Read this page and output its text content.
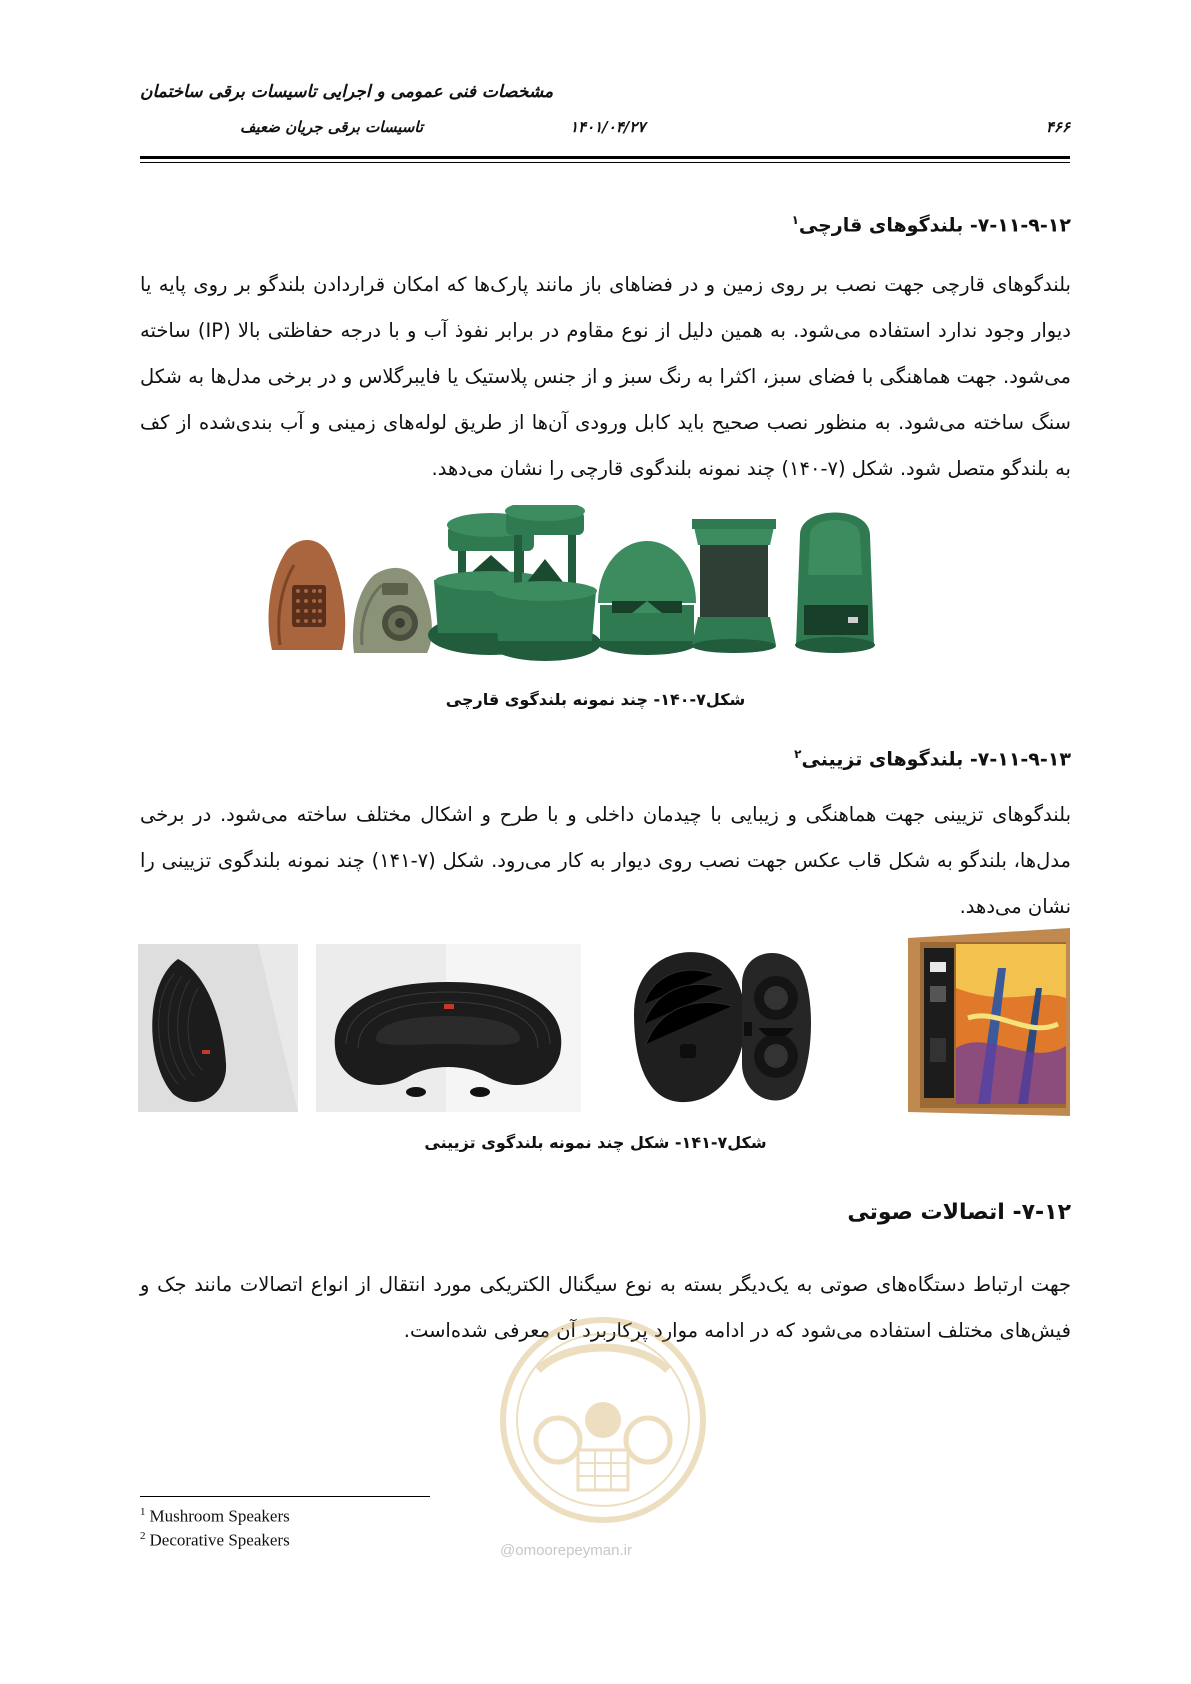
مشخصات فنی عمومی و اجرایی تاسیسات برقی ساختمان
تاسیسات برقی جریان ضعیف	۱۴۰۱/۰۴/۲۷	۴۶۶
۷-۱۱-۹-۱۲- بلندگوهای قارچی$^۱$
بلندگوهای قارچی جهت نصب بر روی زمین و در فضاهای باز مانند پارک‌ها که امکان قراردادن بلندگو بر روی پایه یا دیوار وجود ندارد استفاده می‌شود. به همین دلیل از نوع مقاوم در برابر نفوذ آب و با درجه حفاظتی بالا (IP) ساخته می‌شود. جهت هماهنگی با فضای سبز، اکثرا به رنگ سبز و از جنس پلاستیک یا فایبرگلاس و در برخی مدل‌ها به شکل سنگ ساخته می‌شود. به منظور نصب صحیح باید کابل ورودی آن‌ها از طریق لوله‌های زمینی و آب بندی‌شده از کف به بلندگو متصل شود. شکل (۷-۱۴۰) چند نمونه بلندگوی قارچی را نشان می‌دهد.
شکل۷-۱۴۰- چند نمونه بلندگوی قارچی
۷-۱۱-۹-۱۳- بلندگوهای تزیینی$^۲$
بلندگوهای تزیینی جهت هماهنگی و زیبایی با چیدمان داخلی و با طرح و اشکال مختلف ساخته می‌شود. در برخی مدل‌ها، بلندگو به شکل قاب عکس جهت نصب روی دیوار به کار می‌رود. شکل (۷-۱۴۱) چند نمونه بلندگوی تزیینی را نشان می‌دهد.
شکل۷-۱۴۱- شکل چند نمونه بلندگوی تزیینی
۷-۱۲- اتصالات صوتی
جهت ارتباط دستگاه‌های صوتی به یک‌دیگر بسته به نوع سیگنال الکتریکی مورد انتقال از انواع اتصالات مانند جک و فیش‌های مختلف استفاده می‌شود که در ادامه موارد پرکاربرد آن معرفی شده‌است.
@omoorepeyman.ir
$^1$ Mushroom Speakers
$^2$ Decorative Speakers
